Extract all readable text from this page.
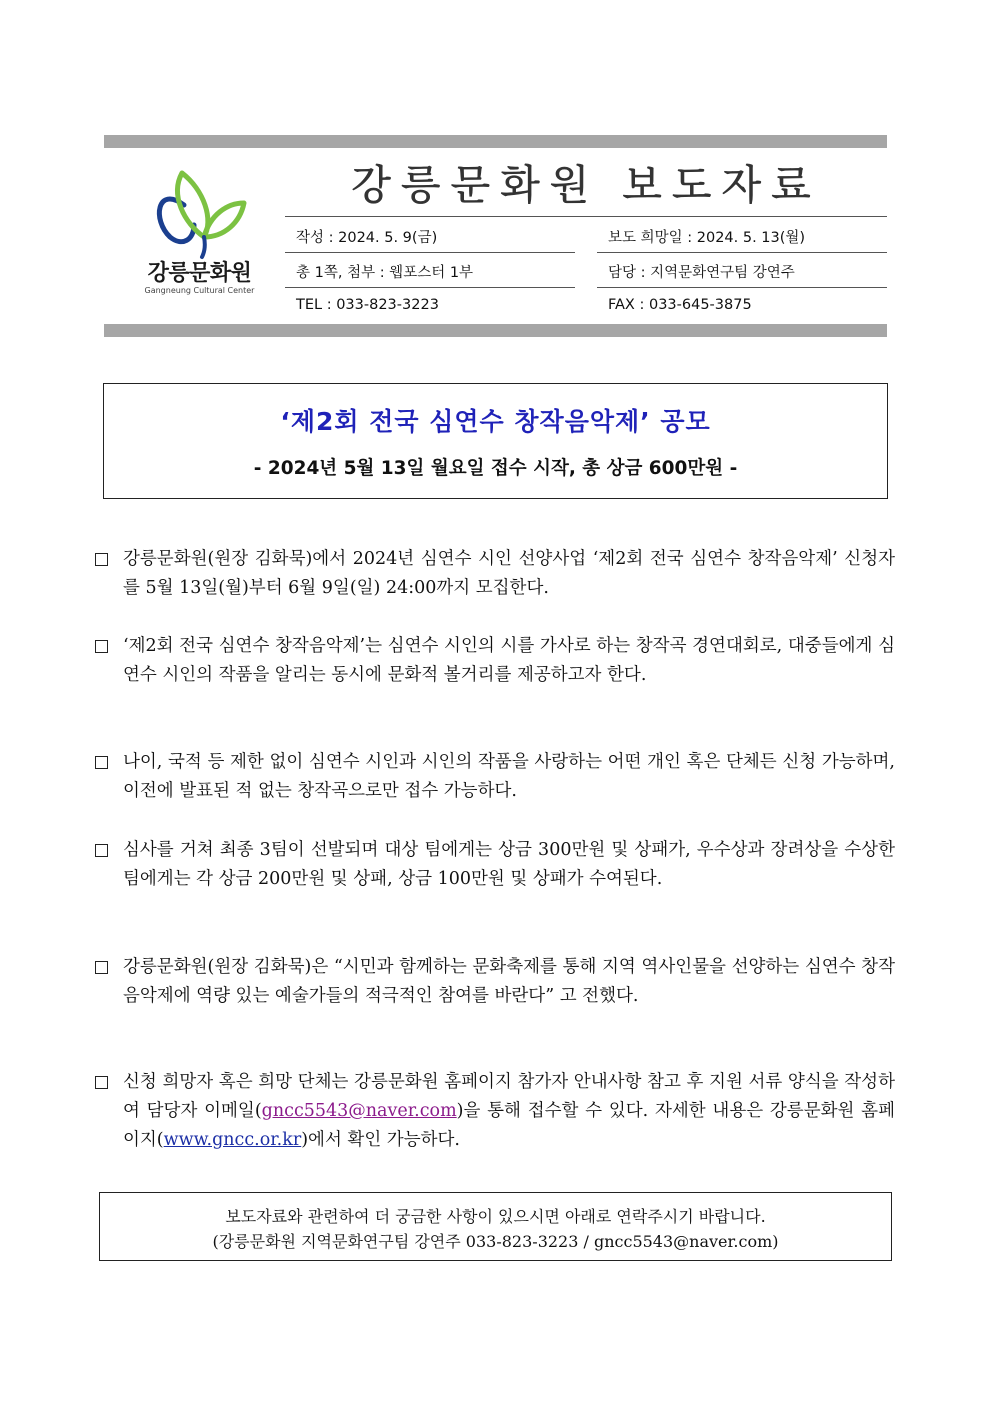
강릉문화원
Gangneung Cultural Center
강릉문화원 보도자료
작성 : 2024. 5. 9(금)	보도 희망일 : 2024. 5. 13(월)
총 1쪽, 첨부 : 웹포스터 1부	담당 : 지역문화연구팀 강연주
TEL : 033-823-3223	FAX : 033-645-3875
‘제2회 전국 심연수 창작음악제’ 공모
- 2024년 5월 13일 월요일 접수 시작, 총 상금 600만원 -
강릉문화원(원장 김화묵)에서 2024년 심연수 시인 선양사업 ‘제2회 전국 심연수 창작음악제’ 신청자를 5월 13일(월)부터 6월 9일(일) 24:00까지 모집한다.
‘제2회 전국 심연수 창작음악제’는 심연수 시인의 시를 가사로 하는 창작곡 경연대회로, 대중들에게 심연수 시인의 작품을 알리는 동시에 문화적 볼거리를 제공하고자 한다.
나이, 국적 등 제한 없이 심연수 시인과 시인의 작품을 사랑하는 어떤 개인 혹은 단체든 신청 가능하며, 이전에 발표된 적 없는 창작곡으로만 접수 가능하다.
심사를 거쳐 최종 3팀이 선발되며 대상 팀에게는 상금 300만원 및 상패가, 우수상과 장려상을 수상한 팀에게는 각 상금 200만원 및 상패, 상금 100만원 및 상패가 수여된다.
강릉문화원(원장 김화묵)은 “시민과 함께하는 문화축제를 통해 지역 역사인물을 선양하는 심연수 창작음악제에 역량 있는 예술가들의 적극적인 참여를 바란다” 고 전했다.
신청 희망자 혹은 희망 단체는 강릉문화원 홈페이지 참가자 안내사항 참고 후 지원 서류 양식을 작성하여 담당자 이메일(gncc5543@naver.com)을 통해 접수할 수 있다. 자세한 내용은 강릉문화원 홈페이지(www.gncc.or.kr)에서 확인 가능하다.
보도자료와 관련하여 더 궁금한 사항이 있으시면 아래로 연락주시기 바랍니다.
(강릉문화원 지역문화연구팀 강연주 033-823-3223 / gncc5543@naver.com)
